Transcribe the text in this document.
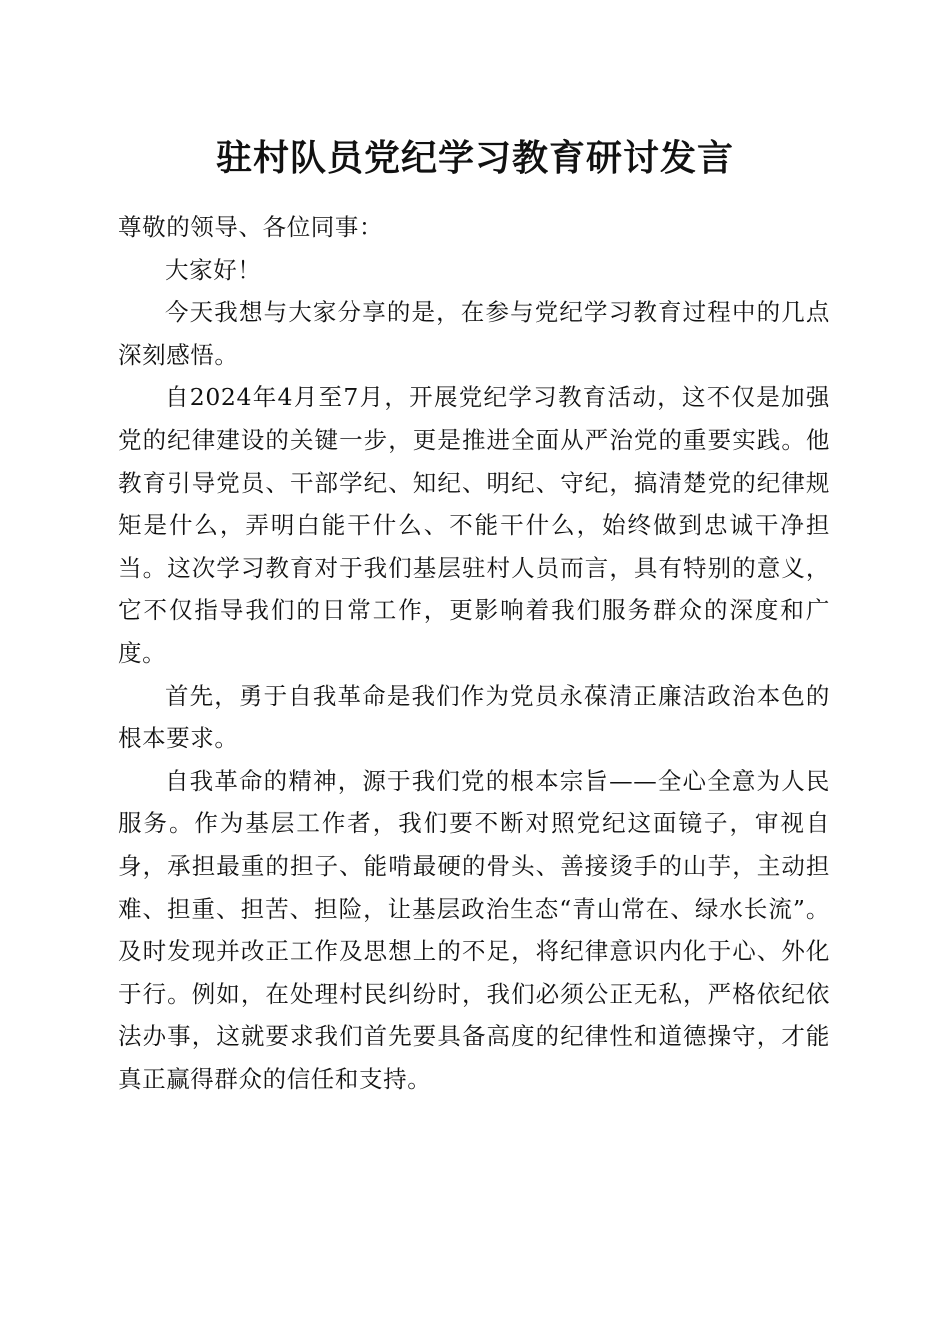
驻村队员党纪学习教育研讨发言

尊敬的领导、各位同事：

大家好！

今天我想与大家分享的是，在参与党纪学习教育过程中的几点深刻感悟。

自2024年4月至7月，开展党纪学习教育活动，这不仅是加强党的纪律建设的关键一步，更是推进全面从严治党的重要实践。他教育引导党员、干部学纪、知纪、明纪、守纪，搞清楚党的纪律规矩是什么，弄明白能干什么、不能干什么，始终做到忠诚干净担当。这次学习教育对于我们基层驻村人员而言，具有特别的意义，它不仅指导我们的日常工作，更影响着我们服务群众的深度和广度。

首先，勇于自我革命是我们作为党员永葆清正廉洁政治本色的根本要求。

自我革命的精神，源于我们党的根本宗旨——全心全意为人民服务。作为基层工作者，我们要不断对照党纪这面镜子，审视自身，承担最重的担子、能啃最硬的骨头、善接烫手的山芋，主动担难、担重、担苦、担险，让基层政治生态“青山常在、绿水长流”。及时发现并改正工作及思想上的不足，将纪律意识内化于心、外化于行。例如，在处理村民纠纷时，我们必须公正无私，严格依纪依法办事，这就要求我们首先要具备高度的纪律性和道德操守，才能真正赢得群众的信任和支持。
